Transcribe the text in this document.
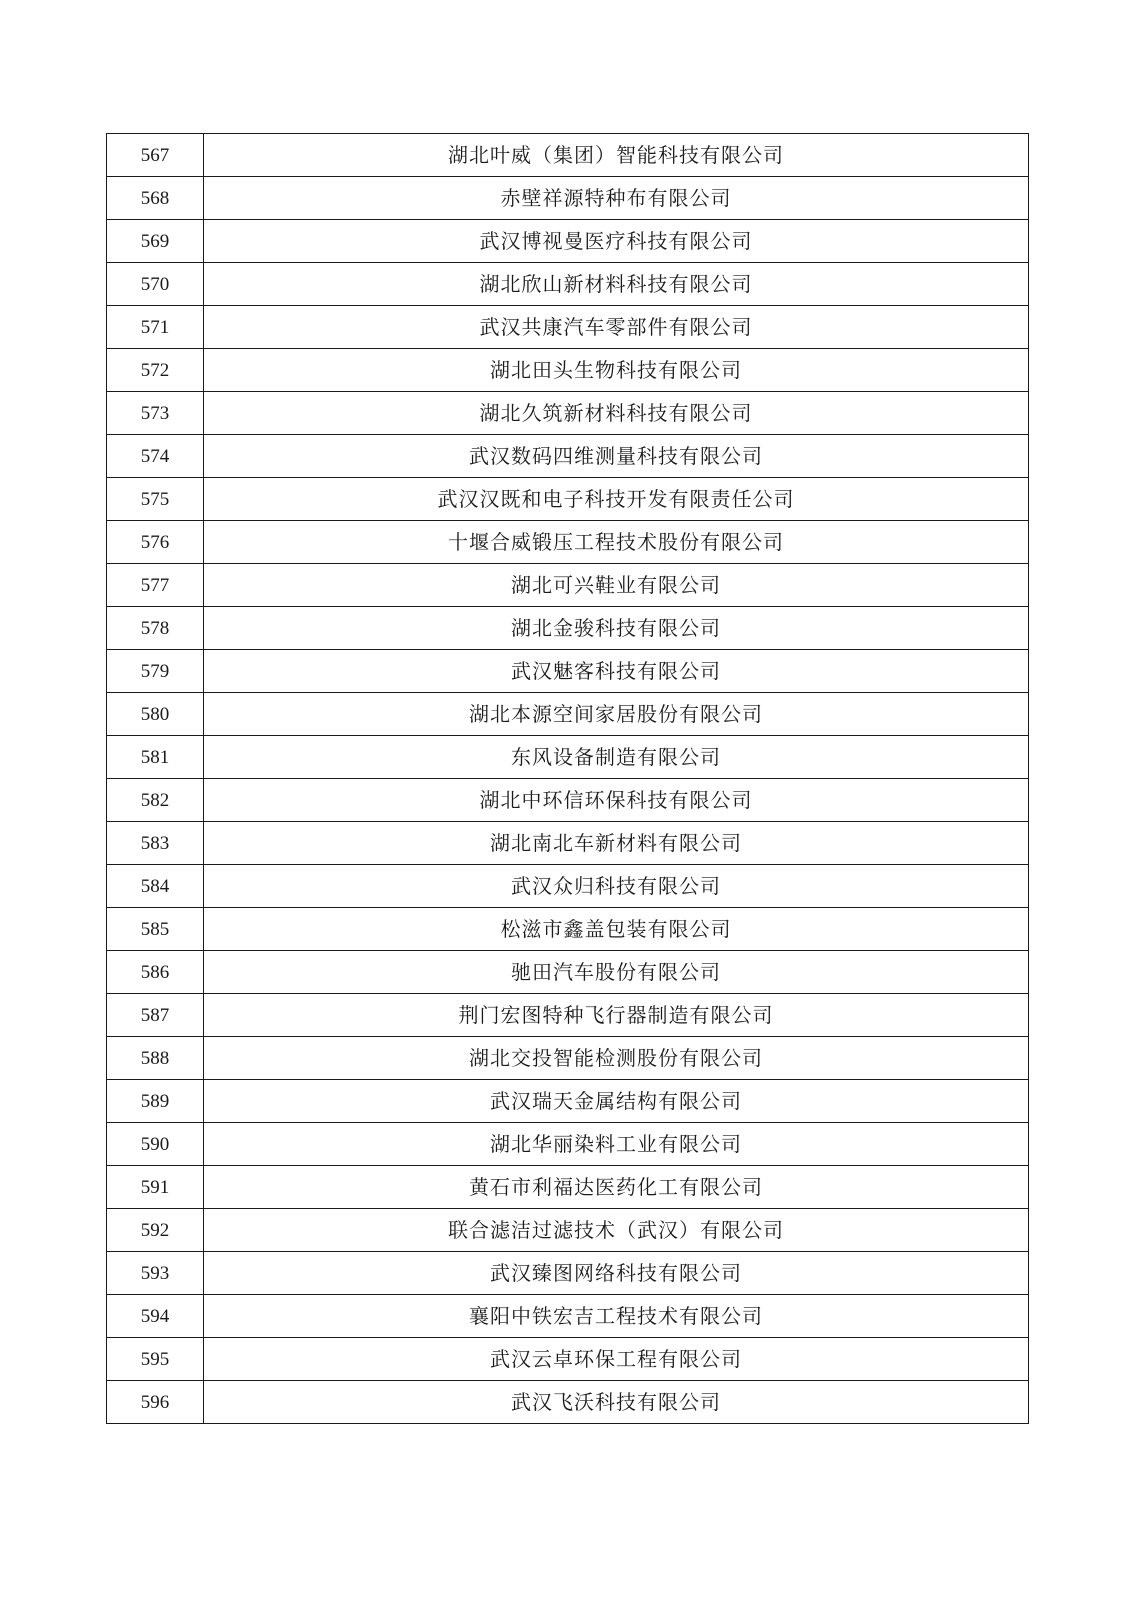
567	湖北叶威（集团）智能科技有限公司
568	赤壁祥源特种布有限公司
569	武汉博视曼医疗科技有限公司
570	湖北欣山新材料科技有限公司
571	武汉共康汽车零部件有限公司
572	湖北田头生物科技有限公司
573	湖北久筑新材料科技有限公司
574	武汉数码四维测量科技有限公司
575	武汉汉既和电子科技开发有限责任公司
576	十堰合威锻压工程技术股份有限公司
577	湖北可兴鞋业有限公司
578	湖北金骏科技有限公司
579	武汉魅客科技有限公司
580	湖北本源空间家居股份有限公司
581	东风设备制造有限公司
582	湖北中环信环保科技有限公司
583	湖北南北车新材料有限公司
584	武汉众归科技有限公司
585	松滋市鑫盖包装有限公司
586	驰田汽车股份有限公司
587	荆门宏图特种飞行器制造有限公司
588	湖北交投智能检测股份有限公司
589	武汉瑞天金属结构有限公司
590	湖北华丽染料工业有限公司
591	黄石市利福达医药化工有限公司
592	联合滤洁过滤技术（武汉）有限公司
593	武汉臻图网络科技有限公司
594	襄阳中铁宏吉工程技术有限公司
595	武汉云卓环保工程有限公司
596	武汉飞沃科技有限公司
